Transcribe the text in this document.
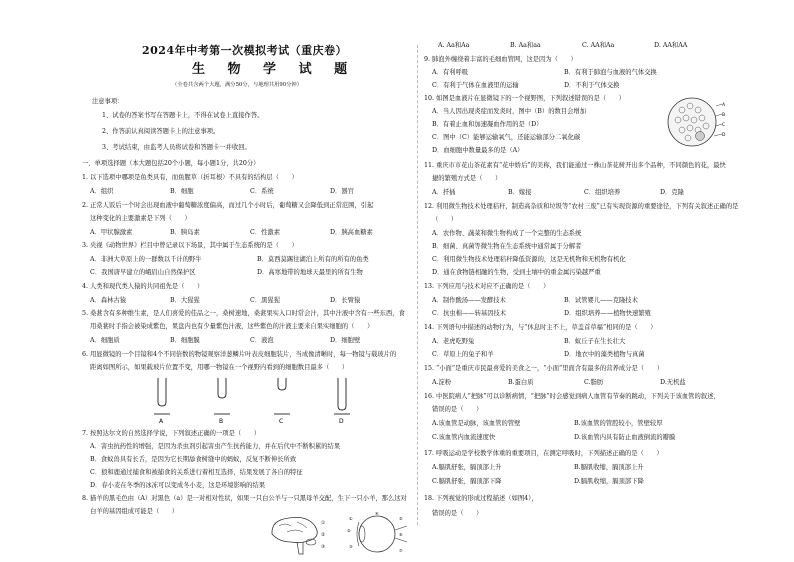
2024年中考第一次模拟考试（重庆卷）
生 物 学 试 题
（全卷共含两个大题，满分50分，与地理共用90分钟）
注意事项：
1、试卷的答案书写在答题卡上，不得在试卷上直接作答。
2、作答前认真阅读答题卡上的注意事项。
3、考试结束，由监考人员将试卷和答题卡一并收回。
一、单项选择题（本大题包括20个小题，每小题1分，共20分）
1. 以下选项中哪项是鱼类具有，而鱼腥草（折耳根）不具有的结构层（　　）
A．组织	B．细胞	C．系统	D．器官
2. 正常人饭后一个时会出现血液中葡萄糖浓度偏高，而过几个小时后，葡萄糖又会降低到正常范围，引起
这种变化的主要激素是下列（　　）
A．甲状腺激素	B．胰岛素	C．性激素	D．胰高血糖素
3. 央视《动物世界》栏目中曾记录以下场景，其中属于生态系统的是（　　）
A．非洲大草原上的一群数以千计的野牛	B．莫西莫踢往湖泊上所有的所有的鱼类
C．我国唐早建立的峨眉山自然保护区	D．高寒地带的地球天最里的所有生物
4. 人类和现代类人猿的共同祖先是（　　）
A．森林古猿	B．大猩猩	C．黑猩猩	D．长臂猿
5. 桑葚含有多种维生素，是人们喜爱的佳品之一，桑树速地，桑葚果实入口时常会汁，其中汁液中含有一些东西，食
用桑葚时手指会被染成紫色，果盘内也有少量紫色汁液，这些紫色的汁液主要来自果实细胞的（　　）
A．细胞质	B．细胞膜	C．液泡	D．细胞壁
6. 用显微镜的一个目镜和4个不同倍数的物镜观察洋葱鳞片叶表皮细胞装片，当成像清晰时，每一物镜与载玻片的
距离如图所示，如果载玻片位置不变，用哪一物镜在一个视野内看到的细胞数目最多（　　）
A	B	C	D
7. 按照达尔文的自然选择学说，下列叙述正确的一项是（　　）
A．害虫抗药性的增强，是因为杀虫剂引起害虫产生抗药能力，并在后代中不断积累的结果
B．食蚁兽具有长舌，是因为它长期舔食树缝中的蚂蚁，反复不断伸长所致
C．狼和鹿通过捕食和被捕食的关系进行着相互选择，结果发展了各自的特征
D．春小麦在冬季的冰冻可以变成冬小麦，这是环境影响的结果
8. 猫羊的黑毛色由（A）对黑色（a）是一对相对性状，如果一只白公羊与一只黑母羊交配，生下一只小羊，那么这对
白羊的基因组成可能是（　　）
①
②
③
①
②
③
④
⑤
⑥
⑦
A. Aa和Aa	B. Aa和aa	C. AA和Aa	D. AA和AA
9. 肺泡外缠绕着丰富的毛细血管网，这是因为（　　）
A．有利呼吸	B．有利于肺泡与血液的气体交换
C．有利于气体在血液里的运输	D．不利于气体交换
10. 如图是血液片在显微镜下的一个视野图，下列叙述错误的是（　　）
A．当人因出现炎症而发炎时，图中（B）的数目会增加
B．有着止血和加速凝血作用的是（D）
C．图中（C）能够运输氧气，还能运输部分二氧化碳
D．血细胞中数量最多的是（A）
A
B
C
D
11. 重庆市市花山茶花素有“花中娇后”的美称，我们能通过一株山茶花树开出多个品种，不同颜色的花，最快
捷的繁殖方式是（　　）
A．扦插	B．嫁接	C．组织培养	D．克隆
12. 利用微生物技术处理秸秆，制造高杂质和垃圾等“农村三废”已有实现资源的重要途径，下列有关叙述正确的是
（　　）
A．农作物、蔬菜和微生物构成了一个完整的生态系统
B．细菌、真菌等微生物在生态系统中通常属于分解者
C．利用微生物技术处理秸秆降低资源的，这是无机物和无机物有机化
D．通在食物链相融的生物，受到土壤中的重金属污染越严重
13. 下列应用与技术对应不正确的是（　　）
A．制作酸汤——发酵技术	B．试管婴儿——克隆技术
C．抗虫棉——转基因技术	D．组织培养——植物快速繁殖
14. 下列语句中描述的动物行为，与“休息时主不上，草盖首草福”相同的是（　　）
A．老虎吃野兔	B．蚁丘子在生长壮大
C．草原上的兔子和羊	D．地衣中的藻类植物与真菌
15. “小面”是重庆市民最喜爱的美食之一，“小面”里面含有最多的营养成分是（　　）
A.淀粉	B.蛋白质	C.脂肪	D.无机盐
16. 中医院病人“把脉”可以诊断病情，“把脉”时会感觉到病人血管有节奏的跳动，下列关于该血管的叙述，
错误的是（　　）
A.该血管是动脉，该血管的管壁	B.该血管的管腔较小，管壁较厚
C.该血管内血流速度快	D.该血管内具有防止血液倒流的瓣膜
17. 呼吸运动是学校教学体重的重要项目，在测定呼吸时，下列描述正确的是（　　）
A.膈肌舒张，膈顶部上升	B.膈肌收缩，膈顶部上升
C.膈肌舒张，膈顶部下降	D.膈肌收缩，膈顶部下降
18. 下列视觉的形成过程描述（如图4），
错误的是（　　）
